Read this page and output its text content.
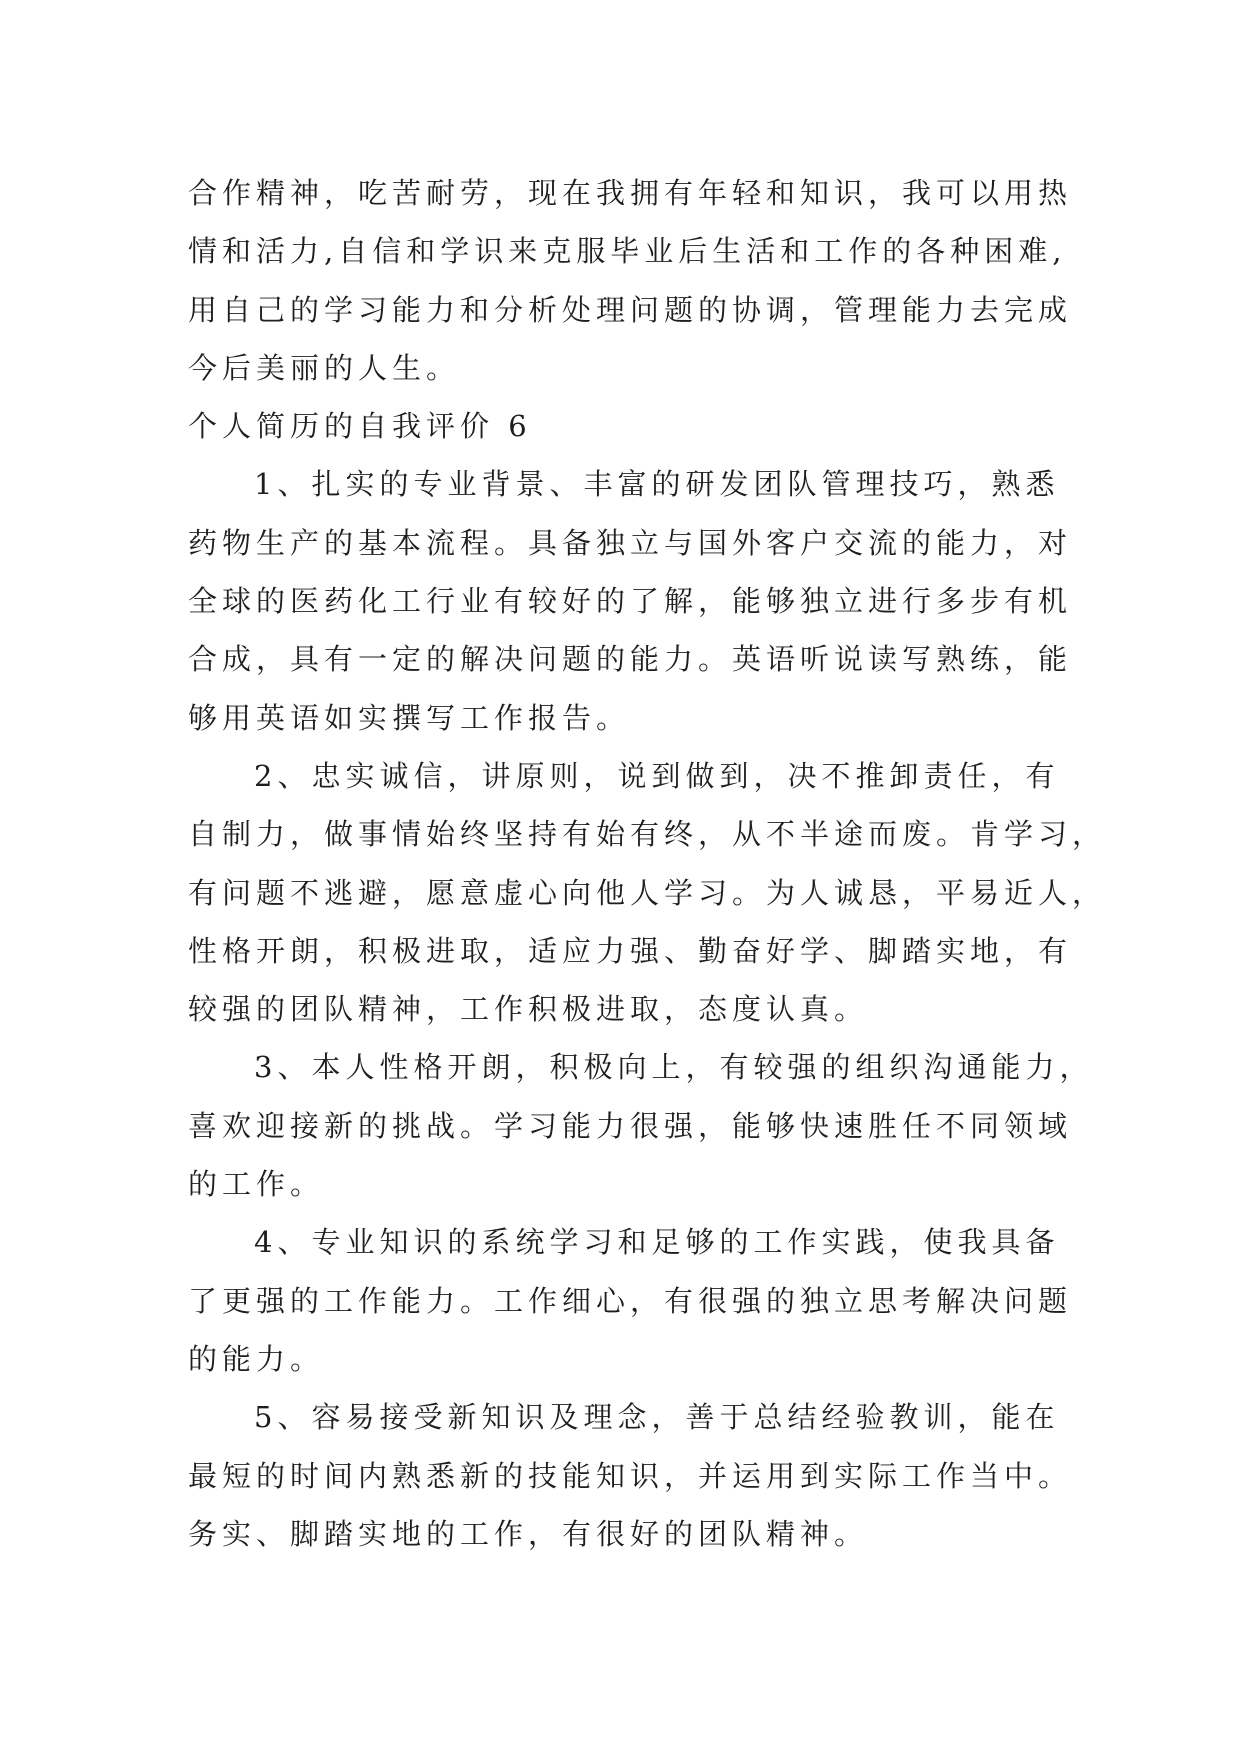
合作精神，吃苦耐劳，现在我拥有年轻和知识，我可以用热
情和活力,自信和学识来克服毕业后生活和工作的各种困难,
用自己的学习能力和分析处理问题的协调，管理能力去完成
今后美丽的人生。
个人简历的自我评价 6
1、扎实的专业背景、丰富的研发团队管理技巧，熟悉
药物生产的基本流程。具备独立与国外客户交流的能力，对
全球的医药化工行业有较好的了解，能够独立进行多步有机
合成，具有一定的解决问题的能力。英语听说读写熟练，能
够用英语如实撰写工作报告。
2、忠实诚信，讲原则，说到做到，决不推卸责任，有
自制力，做事情始终坚持有始有终，从不半途而废。肯学习，
有问题不逃避，愿意虚心向他人学习。为人诚恳，平易近人，
性格开朗，积极进取，适应力强、勤奋好学、脚踏实地，有
较强的团队精神，工作积极进取，态度认真。
3、本人性格开朗，积极向上，有较强的组织沟通能力，
喜欢迎接新的挑战。学习能力很强，能够快速胜任不同领域
的工作。
4、专业知识的系统学习和足够的工作实践，使我具备
了更强的工作能力。工作细心，有很强的独立思考解决问题
的能力。
5、容易接受新知识及理念，善于总结经验教训，能在
最短的时间内熟悉新的技能知识，并运用到实际工作当中。
务实、脚踏实地的工作，有很好的团队精神。
